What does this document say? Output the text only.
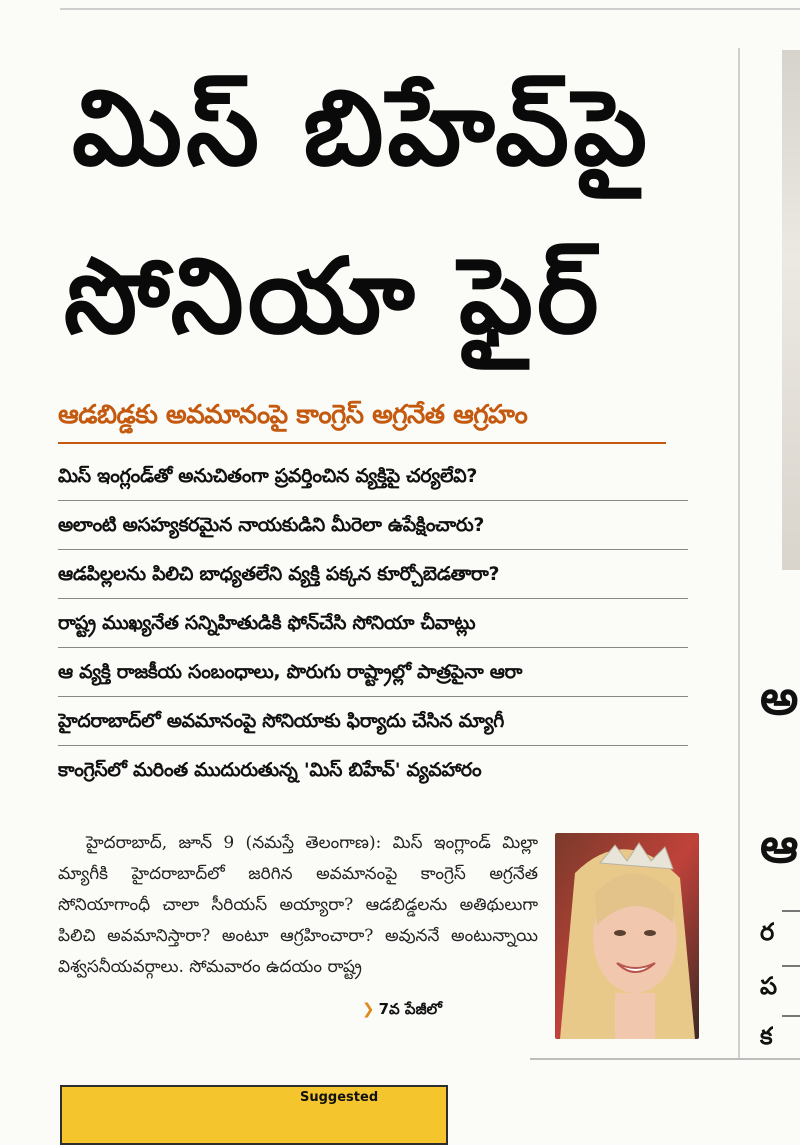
మిస్ బిహేవ్‌పై
సోనియా ఫైర్
ఆడబిడ్డకు అవమానంపై కాంగ్రెస్ అగ్రనేత ఆగ్రహం
మిస్ ఇంగ్లండ్‌తో అనుచితంగా ప్రవర్తించిన వ్యక్తిపై చర్యలేవి?
అలాంటి అసహ్యకరమైన నాయకుడిని మీరెలా ఉపేక్షించారు?
ఆడపిల్లలను పిలిచి బాధ్యతలేని వ్యక్తి పక్కన కూర్చోబెడతారా?
రాష్ట్ర ముఖ్యనేత సన్నిహితుడికి ఫోన్‌చేసి సోనియా చీవాట్లు
ఆ వ్యక్తి రాజకీయ సంబంధాలు, పొరుగు రాష్ట్రాల్లో పాత్రపైనా ఆరా
హైదరాబాద్‌లో అవమానంపై సోనియాకు ఫిర్యాదు చేసిన మ్యాగీ
కాంగ్రెస్‌లో మరింత ముదురుతున్న 'మిస్ బిహేవ్' వ్యవహారం

హైదరాబాద్, జూన్ 9 (నమస్తే తెలంగాణ): మిస్ ఇంగ్లాండ్ మిల్లా మ్యాగీకి హైదరాబాద్‌లో జరిగిన అవమానంపై కాంగ్రెస్ అగ్రనేత సోనియాగాంధీ చాలా సీరియస్ అయ్యారా? ఆడబిడ్డలను అతిథులుగా పిలిచి అవమానిస్తారా? అంటూ ఆగ్రహించారా? అవుననే అంటున్నాయి విశ్వసనీయవర్గాలు. సోమవారం ఉదయం రాష్ట్ర

❯ 7వ పేజీలో
Suggested
అ
ఆ
ర
ప
క
